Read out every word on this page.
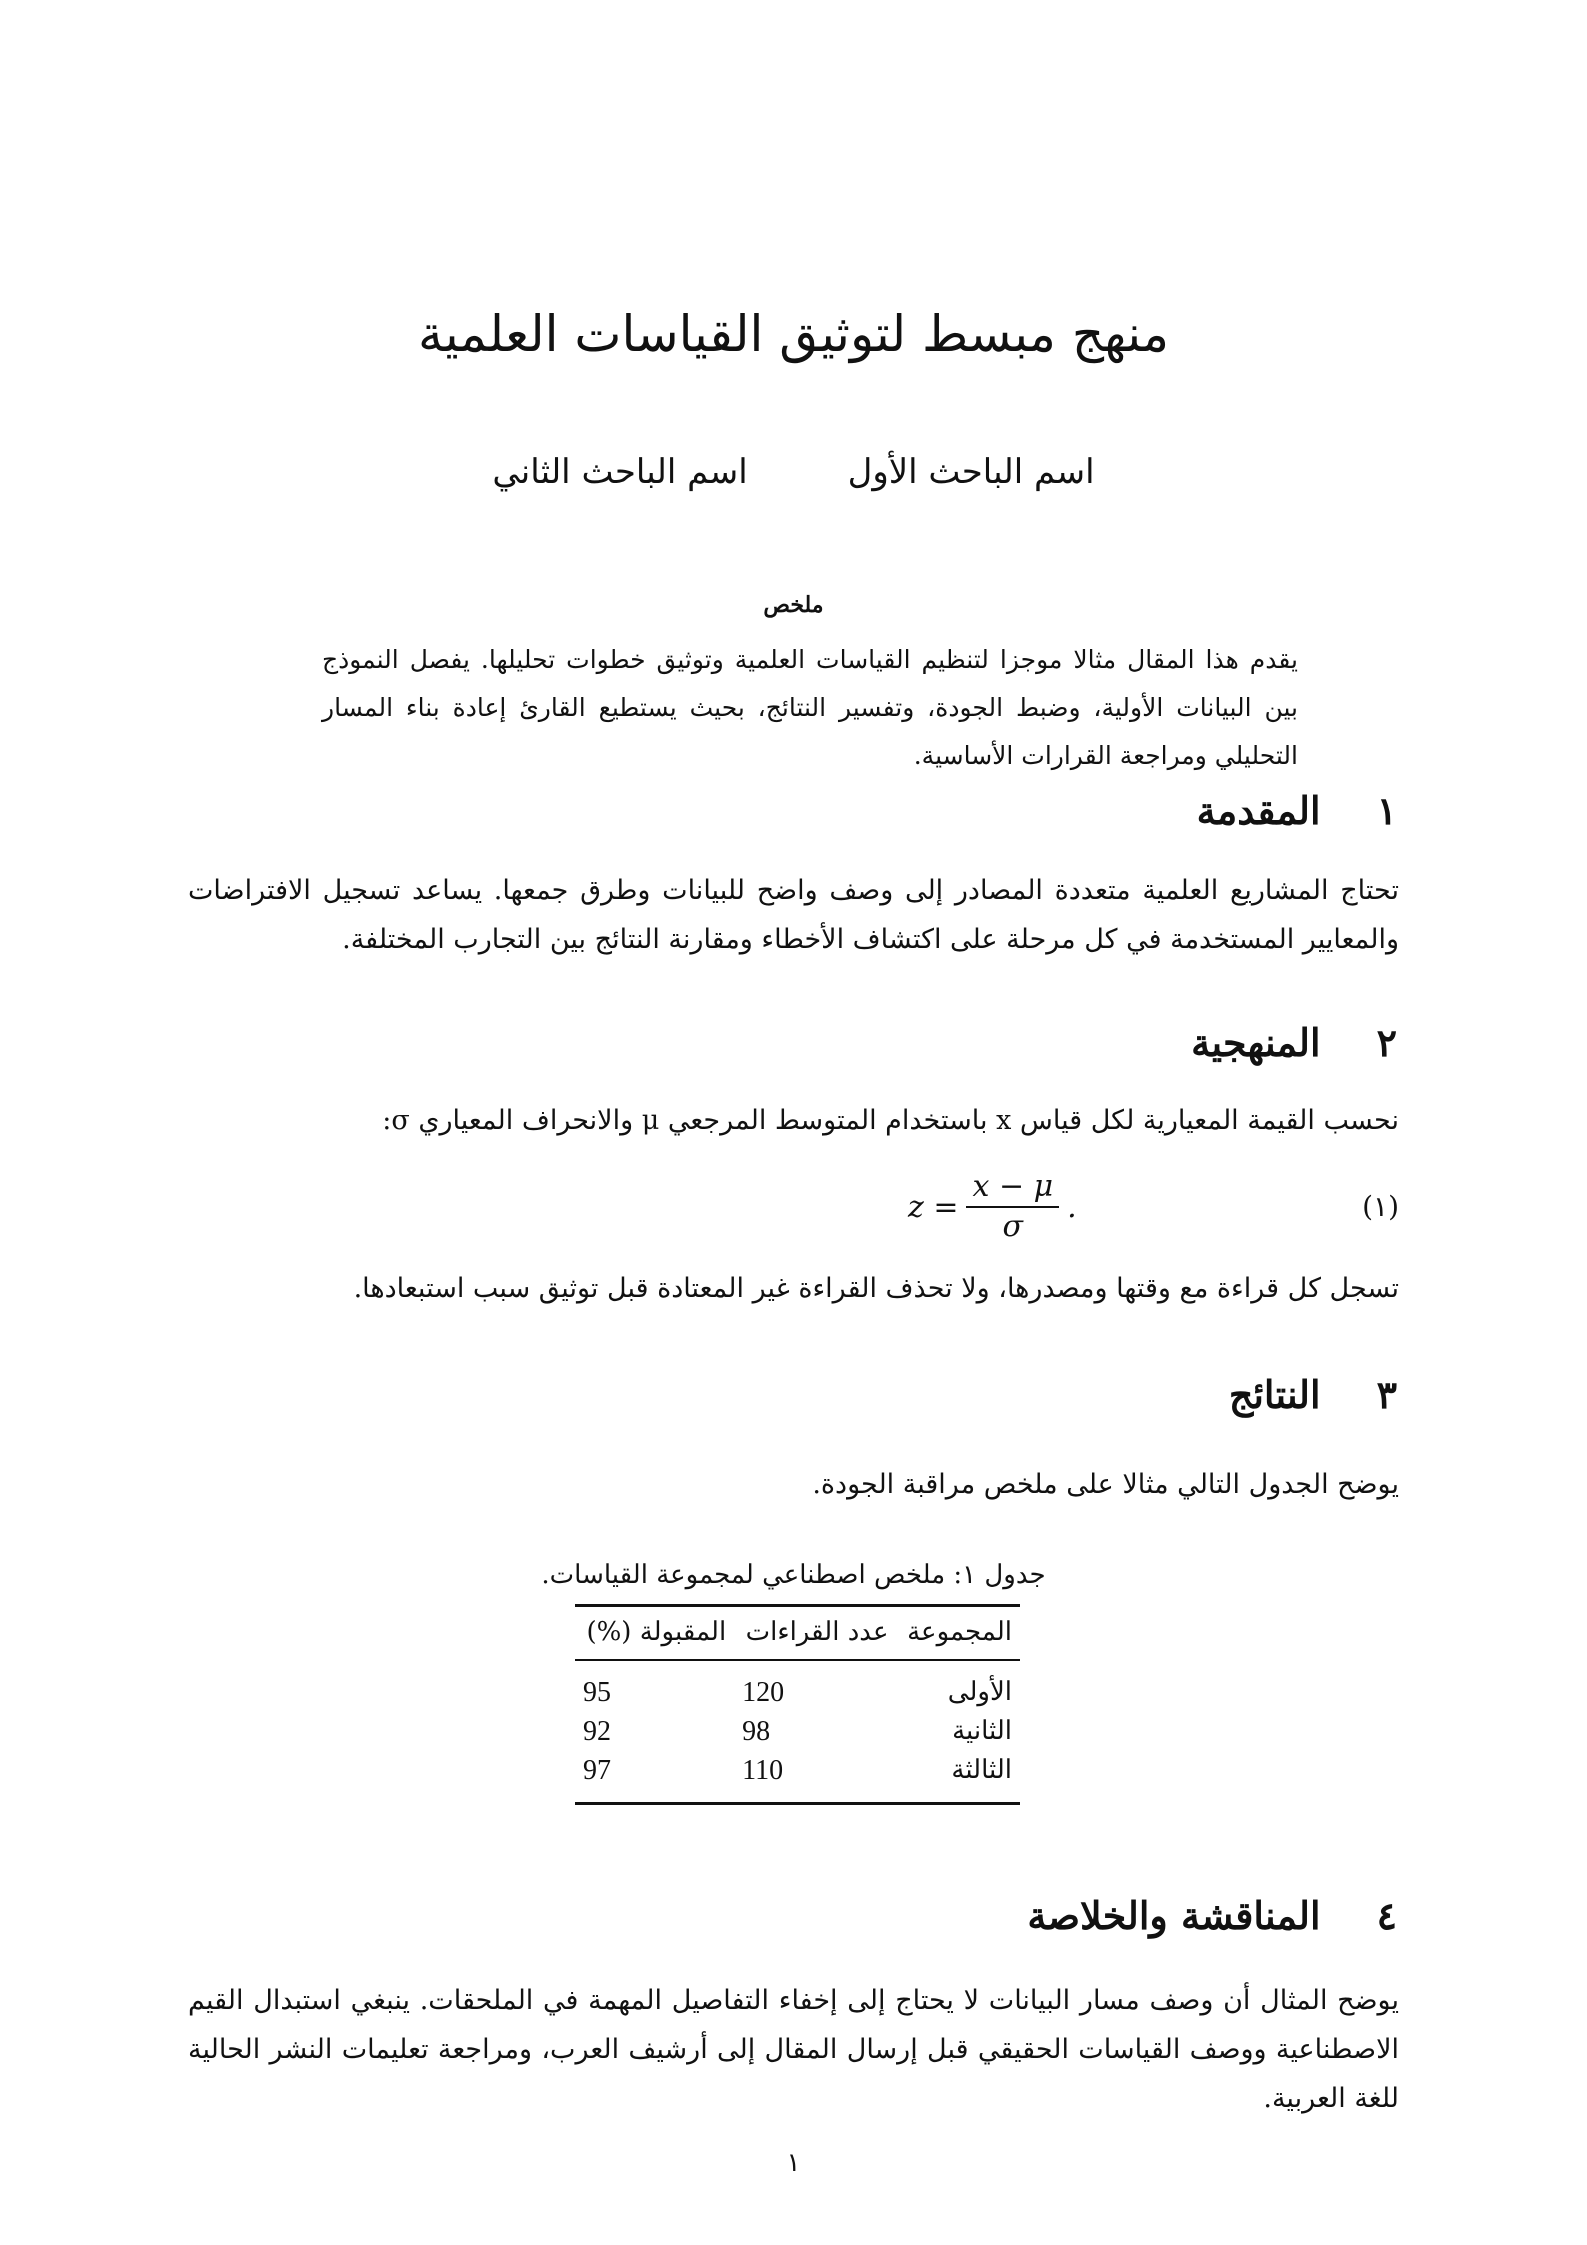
منهج مبسط لتوثيق القياسات العلمية
اسم الباحث الأول
اسم الباحث الثاني
ملخص
يقدم هذا المقال مثالا موجزا لتنظيم القياسات العلمية وتوثيق خطوات تحليلها. يفصل النموذج بين البيانات الأولية، وضبط الجودة، وتفسير النتائج، بحيث يستطيع القارئ إعادة بناء المسار التحليلي ومراجعة القرارات الأساسية.
١
المقدمة
تحتاج المشاريع العلمية متعددة المصادر إلى وصف واضح للبيانات وطرق جمعها. يساعد تسجيل الافتراضات والمعايير المستخدمة في كل مرحلة على اكتشاف الأخطاء ومقارنة النتائج بين التجارب المختلفة.
٢
المنهجية
نحسب القيمة المعيارية لكل قياس x باستخدام المتوسط المرجعي μ والانحراف المعياري σ:
$z = \frac{x - \mu}{\sigma}$ .	(١)
تسجل كل قراءة مع وقتها ومصدرها، ولا تحذف القراءة غير المعتادة قبل توثيق سبب استبعادها.
٣
النتائج
يوضح الجدول التالي مثالا على ملخص مراقبة الجودة.
جدول ١: ملخص اصطناعي لمجموعة القياسات.
المجموعة	عدد القراءات	المقبولة (%)
الأولى	120	95
الثانية	98	92
الثالثة	110	97
٤
المناقشة والخلاصة
يوضح المثال أن وصف مسار البيانات لا يحتاج إلى إخفاء التفاصيل المهمة في الملحقات. ينبغي استبدال القيم الاصطناعية ووصف القياسات الحقيقي قبل إرسال المقال إلى أرشيف العرب، ومراجعة تعليمات النشر الحالية للغة العربية.
١
